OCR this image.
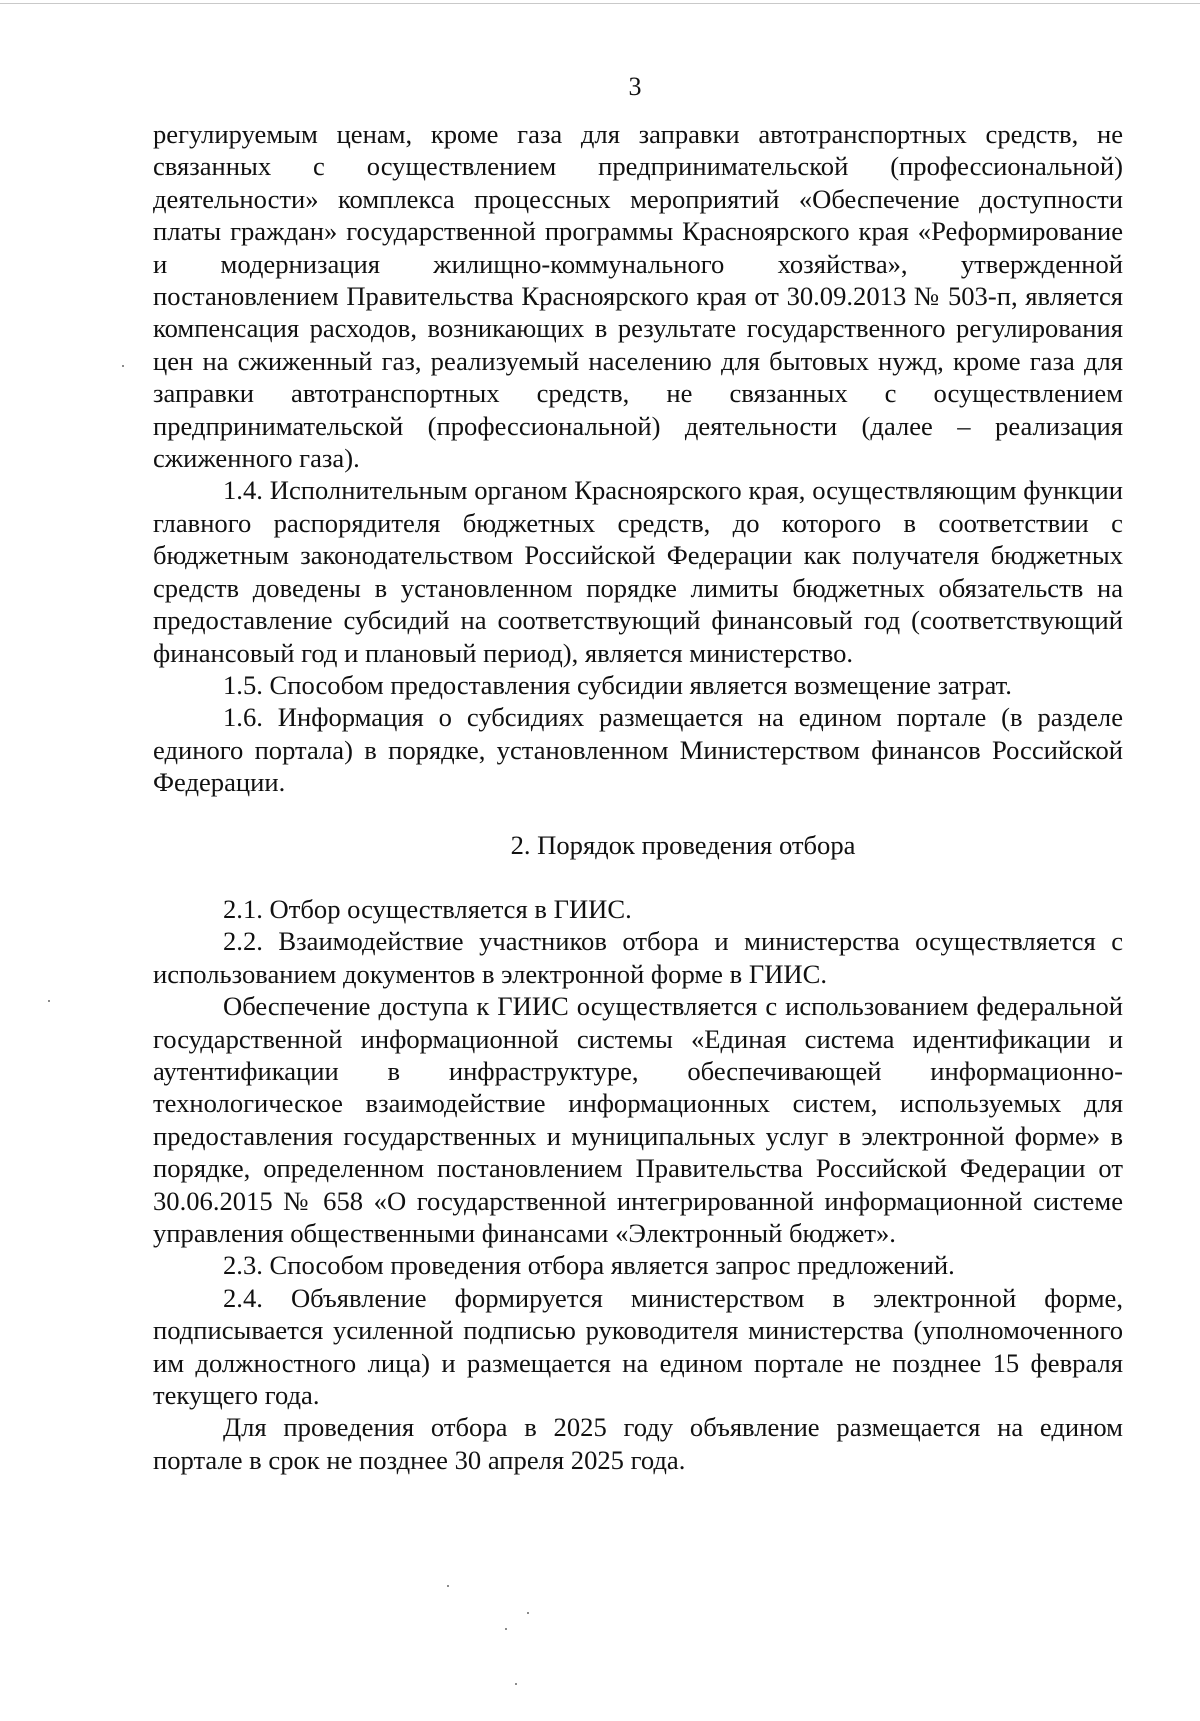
3

регулируемым ценам, кроме газа для заправки автотранспортных средств, не связанных с осуществлением предпринимательской (профессиональной) деятельности» комплекса процессных мероприятий «Обеспечение доступности платы граждан» государственной программы Красноярского края «Реформирование и модернизация жилищно-коммунального хозяйства», утвержденной постановлением Правительства Красноярского края от 30.09.2013 № 503-п, является компенсация расходов, возникающих в результате государственного регулирования цен на сжиженный газ, реализуемый населению для бытовых нужд, кроме газа для заправки автотранспортных средств, не связанных с осуществлением предпринимательской (профессиональной) деятельности (далее – реализация сжиженного газа).

1.4. Исполнительным органом Красноярского края, осуществляющим функции главного распорядителя бюджетных средств, до которого в соответствии с бюджетным законодательством Российской Федерации как получателя бюджетных средств доведены в установленном порядке лимиты бюджетных обязательств на предоставление субсидий на соответствующий финансовый год (соответствующий финансовый год и плановый период), является министерство.

1.5. Способом предоставления субсидии является возмещение затрат.

1.6. Информация о субсидиях размещается на едином портале (в разделе единого портала) в порядке, установленном Министерством финансов Российской Федерации.

2. Порядок проведения отбора

2.1. Отбор осуществляется в ГИИС.

2.2. Взаимодействие участников отбора и министерства осуществляется с использованием документов в электронной форме в ГИИС.

Обеспечение доступа к ГИИС осуществляется с использованием федеральной государственной информационной системы «Единая система идентификации и аутентификации в инфраструктуре, обеспечивающей информационно-технологическое взаимодействие информационных систем, используемых для предоставления государственных и муниципальных услуг в электронной форме» в порядке, определенном постановлением Правительства Российской Федерации от 30.06.2015 № 658 «О государственной интегрированной информационной системе управления общественными финансами «Электронный бюджет».

2.3. Способом проведения отбора является запрос предложений.

2.4. Объявление формируется министерством в электронной форме, подписывается усиленной подписью руководителя министерства (уполномоченного им должностного лица) и размещается на едином портале не позднее 15 февраля текущего года.

Для проведения отбора в 2025 году объявление размещается на едином портале в срок не позднее 30 апреля 2025 года.
